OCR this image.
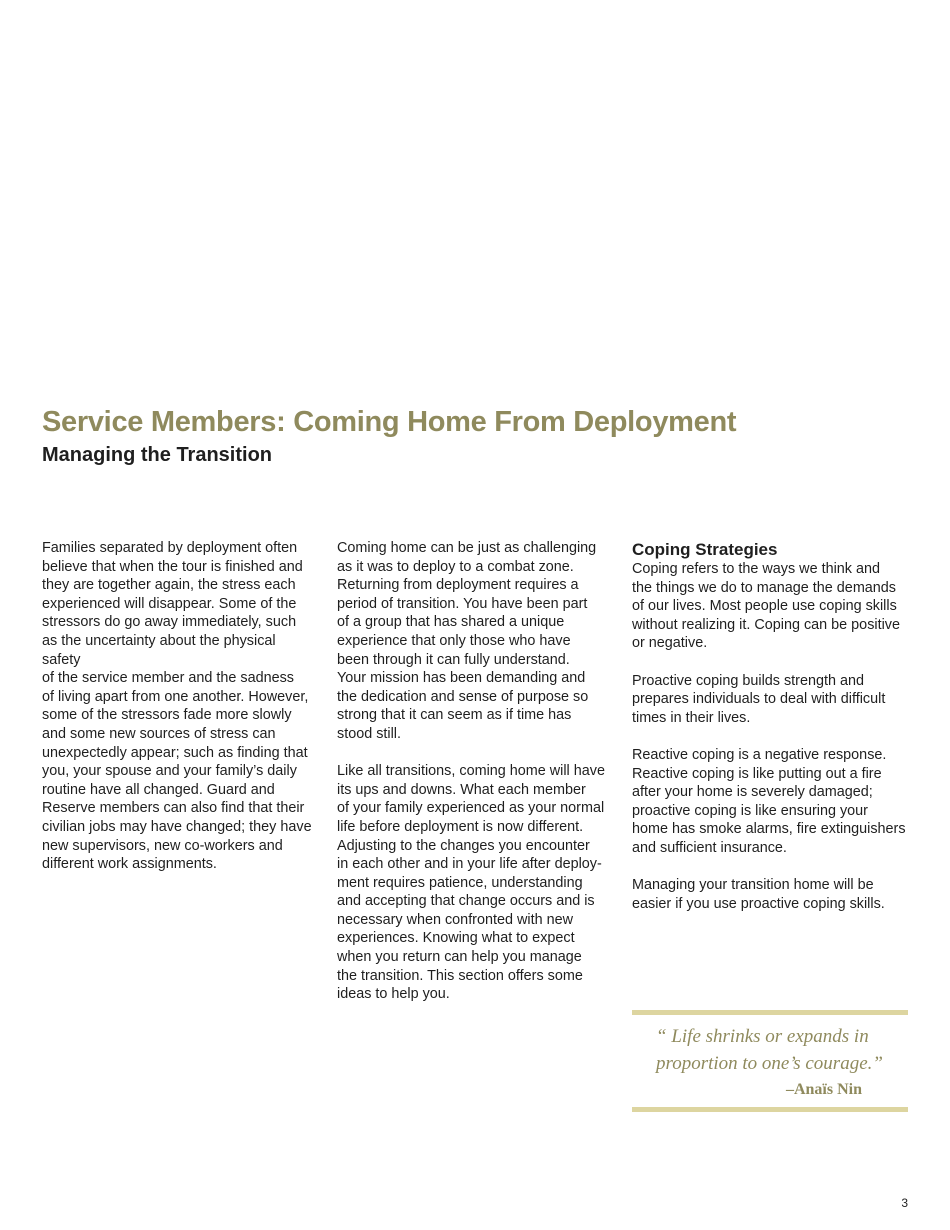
Service Members: Coming Home From Deployment
Managing the Transition

Families separated by deployment often
believe that when the tour is finished and
they are together again, the stress each
experienced will disappear. Some of the
stressors do go away immediately, such
as the uncertainty about the physical safety
of the service member and the sadness
of living apart from one another. However,
some of the stressors fade more slowly
and some new sources of stress can
unexpectedly appear; such as finding that
you, your spouse and your family’s daily
routine have all changed. Guard and
Reserve members can also find that their
civilian jobs may have changed; they have
new supervisors, new co-workers and
different work assignments.

Coming home can be just as challenging
as it was to deploy to a combat zone.
Returning from deployment requires a
period of transition. You have been part
of a group that has shared a unique
experience that only those who have
been through it can fully understand.
Your mission has been demanding and
the dedication and sense of purpose so
strong that it can seem as if time has
stood still.

Like all transitions, coming home will have
its ups and downs. What each member
of your family experienced as your normal
life before deployment is now different.
Adjusting to the changes you encounter
in each other and in your life after deploy-
ment requires patience, understanding
and accepting that change occurs and is
necessary when confronted with new
experiences. Knowing what to expect
when you return can help you manage
the transition. This section offers some
ideas to help you.

Coping Strategies

Coping refers to the ways we think and
the things we do to manage the demands
of our lives. Most people use coping skills
without realizing it. Coping can be positive
or negative.

Proactive coping builds strength and
prepares individuals to deal with difficult
times in their lives.

Reactive coping is a negative response.
Reactive coping is like putting out a fire
after your home is severely damaged;
proactive coping is like ensuring your
home has smoke alarms, fire extinguishers
and sufficient insurance.

Managing your transition home will be
easier if you use proactive coping skills.

“ Life shrinks or expands in
proportion to one’s courage.”

–Anaïs Nin

3
